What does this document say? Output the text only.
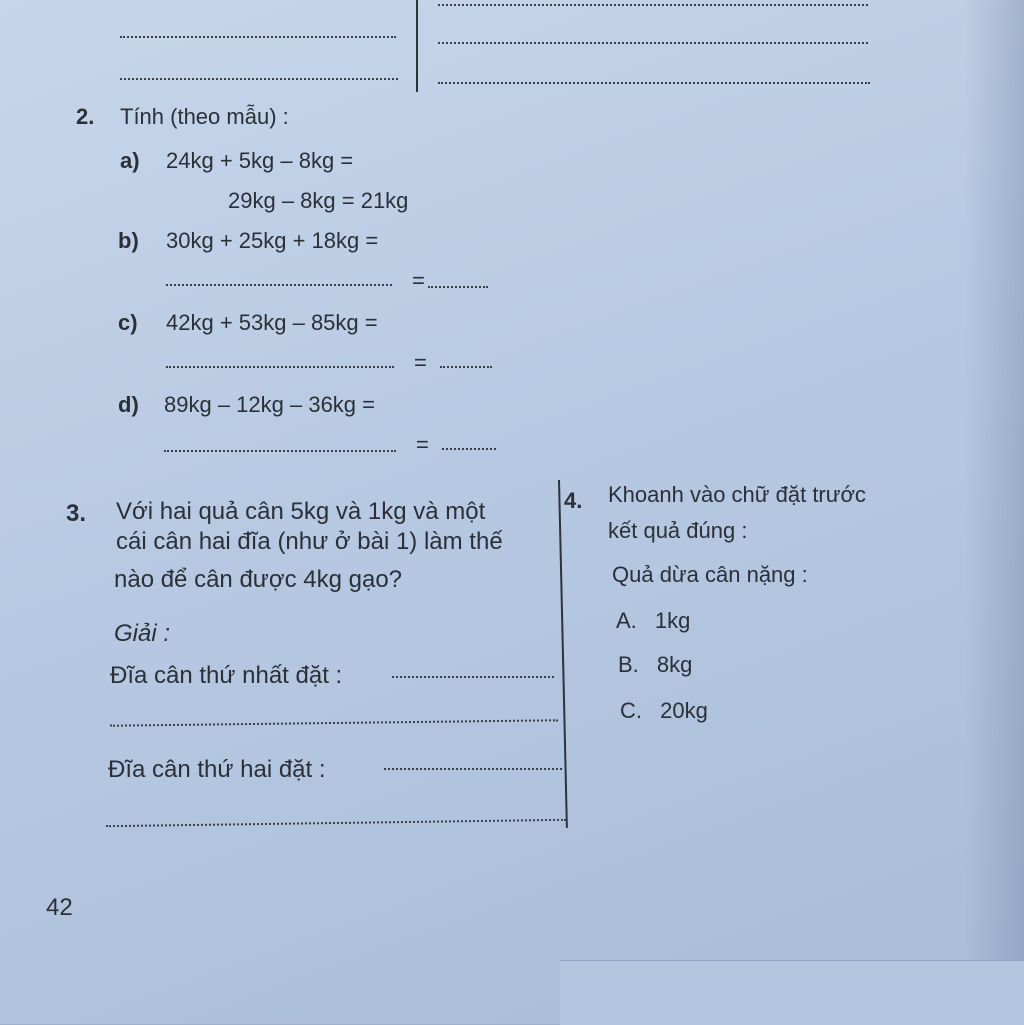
2. Tính (theo mẫu) :
a) 24kg + 5kg – 8kg =
29kg – 8kg = 21kg
b) 30kg + 25kg + 18kg =
=
c) 42kg + 53kg – 85kg =
=
d) 89kg – 12kg – 36kg =
=
3. Với hai quả cân 5kg và 1kg và một
cái cân hai đĩa (như ở bài 1) làm thế
nào để cân được 4kg gạo?
Giải :
Đĩa cân thứ nhất đặt :
Đĩa cân thứ hai đặt :
4. Khoanh vào chữ đặt trước
kết quả đúng :
Quả dừa cân nặng :
A. 1kg
B. 8kg
C. 20kg
42
